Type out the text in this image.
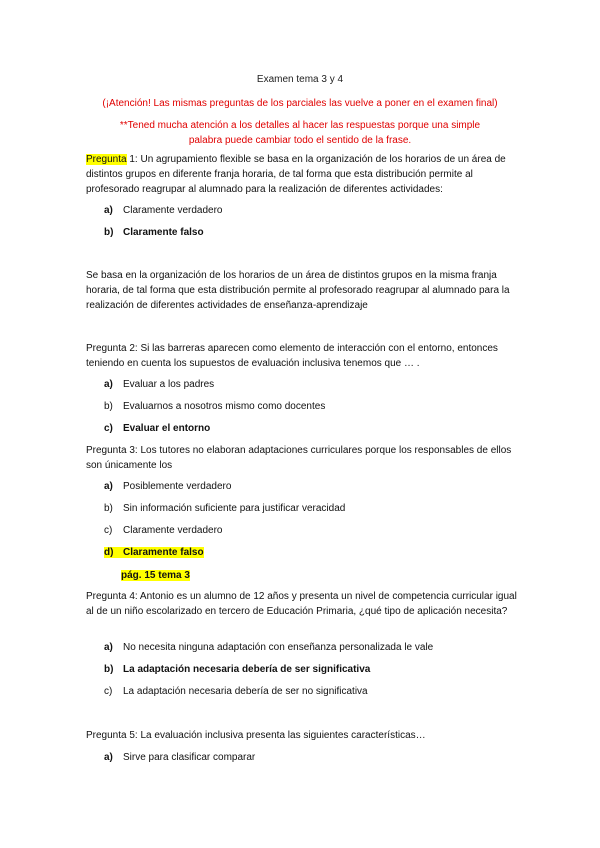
Examen tema 3 y 4
(¡Atención! Las mismas preguntas de los parciales las vuelve a poner en el examen final)
**Tened mucha atención a los detalles al hacer las respuestas porque una simple palabra puede cambiar todo el sentido de la frase.
Pregunta 1: Un agrupamiento flexible se basa en la organización de los horarios de un área de distintos grupos en diferente franja horaria, de tal forma que esta distribución permite al profesorado reagrupar al alumnado para la realización de diferentes actividades:
a) Claramente verdadero
b) Claramente falso
Se basa en la organización de los horarios de un área de distintos grupos en la misma franja horaria, de tal forma que esta distribución permite al profesorado reagrupar al alumnado para la realización de diferentes actividades de enseñanza-aprendizaje
Pregunta 2: Si las barreras aparecen como elemento de interacción con el entorno, entonces teniendo en cuenta los supuestos de evaluación inclusiva tenemos que … .
a) Evaluar a los padres
b) Evaluarnos a nosotros mismo como docentes
c) Evaluar el entorno
Pregunta 3: Los tutores no elaboran adaptaciones curriculares porque los responsables de ellos son únicamente los
a) Posiblemente verdadero
b) Sin información suficiente para justificar veracidad
c) Claramente verdadero
d) Claramente falso
pág. 15 tema 3
Pregunta 4: Antonio es un alumno de 12 años y presenta un nivel de competencia curricular igual al de un niño escolarizado en tercero de Educación Primaria, ¿qué tipo de aplicación necesita?
a) No necesita ninguna adaptación con enseñanza personalizada le vale
b) La adaptación necesaria debería de ser significativa
c) La adaptación necesaria debería de ser no significativa
Pregunta 5: La evaluación inclusiva presenta las siguientes características…
a) Sirve para clasificar comparar
